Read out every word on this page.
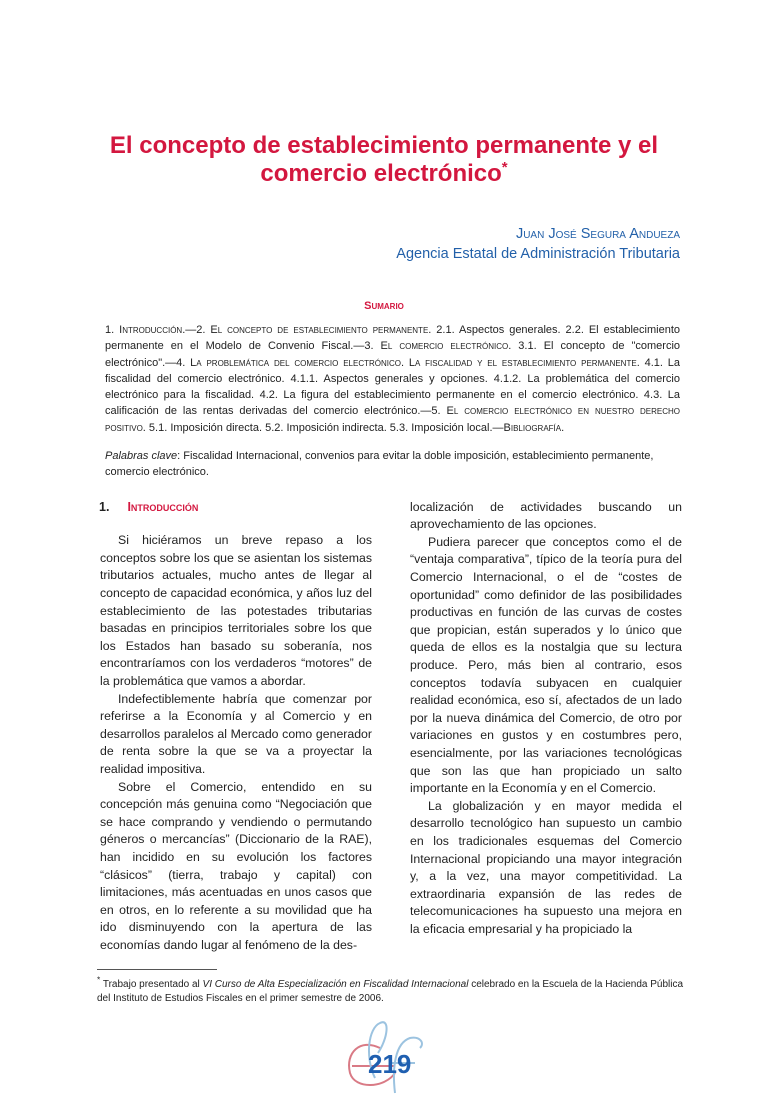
El concepto de establecimiento permanente y el comercio electrónico*
Juan José Segura Andueza
Agencia Estatal de Administración Tributaria
Sumario
1. Introducción.—2. El concepto de establecimiento permanente. 2.1. Aspectos generales. 2.2. El establecimiento permanente en el Modelo de Convenio Fiscal.—3. El comercio electrónico. 3.1. El concepto de "comercio electrónico".—4. La problemática del comercio electrónico. La fiscalidad y el establecimiento permanente. 4.1. La fiscalidad del comercio electrónico. 4.1.1. Aspectos generales y opciones. 4.1.2. La problemática del comercio electrónico para la fiscalidad. 4.2. La figura del establecimiento permanente en el comercio electrónico. 4.3. La calificación de las rentas derivadas del comercio electrónico.—5. El comercio electrónico en nuestro derecho positivo. 5.1. Imposición directa. 5.2. Imposición indirecta. 5.3. Imposición local.—Bibliografía.
Palabras clave: Fiscalidad Internacional, convenios para evitar la doble imposición, establecimiento permanente, comercio electrónico.
1. Introducción

Si hiciéramos un breve repaso a los conceptos sobre los que se asientan los sistemas tributarios actuales, mucho antes de llegar al concepto de capacidad económica, y años luz del establecimiento de las potestades tributarias basadas en principios territoriales sobre los que los Estados han basado su soberanía, nos encontraríamos con los verdaderos “motores” de la problemática que vamos a abordar.

Indefectiblemente habría que comenzar por referirse a la Economía y al Comercio y en desarrollos paralelos al Mercado como generador de renta sobre la que se va a proyectar la realidad impositiva.

Sobre el Comercio, entendido en su concepción más genuina como “Negociación que se hace comprando y vendiendo o permutando géneros o mercancías” (Diccionario de la RAE), han incidido en su evolución los factores “clásicos” (tierra, trabajo y capital) con limitaciones, más acentuadas en unos casos que en otros, en lo referente a su movilidad que ha ido disminuyendo con la apertura de las economías dando lugar al fenómeno de la des-

localización de actividades buscando un aprovechamiento de las opciones.

Pudiera parecer que conceptos como el de “ventaja comparativa”, típico de la teoría pura del Comercio Internacional, o el de “costes de oportunidad” como definidor de las posibilidades productivas en función de las curvas de costes que propician, están superados y lo único que queda de ellos es la nostalgia que su lectura produce. Pero, más bien al contrario, esos conceptos todavía subyacen en cualquier realidad económica, eso sí, afectados de un lado por la nueva dinámica del Comercio, de otro por variaciones en gustos y en costumbres pero, esencialmente, por las variaciones tecnológicas que son las que han propiciado un salto importante en la Economía y en el Comercio.

La globalización y en mayor medida el desarrollo tecnológico han supuesto un cambio en los tradicionales esquemas del Comercio Internacional propiciando una mayor integración y, a la vez, una mayor competitividad. La extraordinaria expansión de las redes de telecomunicaciones ha supuesto una mejora en la eficacia empresarial y ha propiciado la

* Trabajo presentado al VI Curso de Alta Especialización en Fiscalidad Internacional celebrado en la Escuela de la Hacienda Pública del Instituto de Estudios Fiscales en el primer semestre de 2006.
219
